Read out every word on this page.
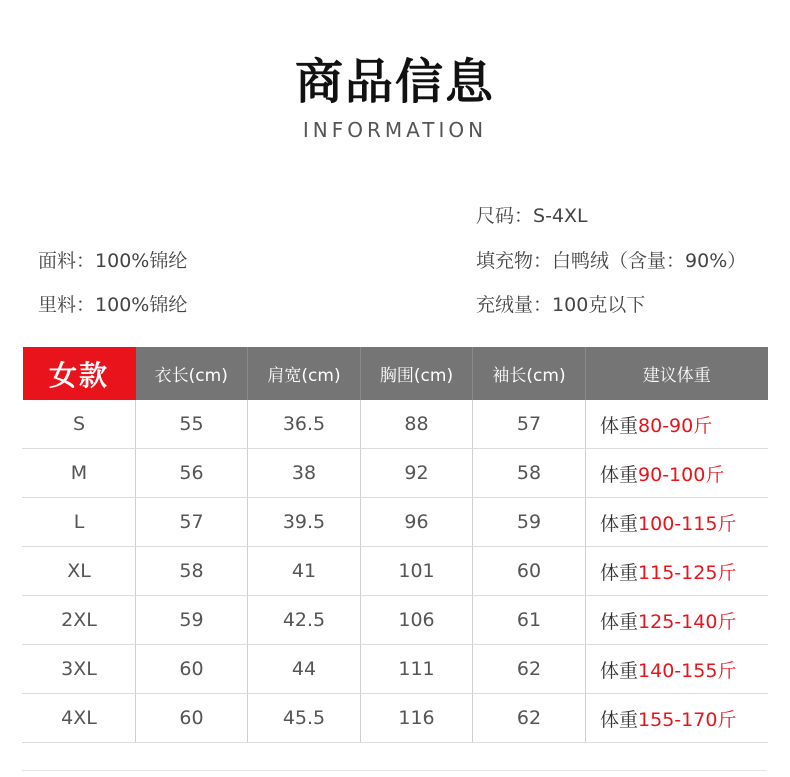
商品信息
INFORMATION
尺码：S-4XL
面料：100%锦纶	填充物：白鸭绒（含量：90%）
里料：100%锦纶	充绒量：100克以下
女款	衣长(cm)	肩宽(cm)	胸围(cm)	袖长(cm)	建议体重
S	55	36.5	88	57	体重80-90斤
M	56	38	92	58	体重90-100斤
L	57	39.5	96	59	体重100-115斤
XL	58	41	101	60	体重115-125斤
2XL	59	42.5	106	61	体重125-140斤
3XL	60	44	111	62	体重140-155斤
4XL	60	45.5	116	62	体重155-170斤
